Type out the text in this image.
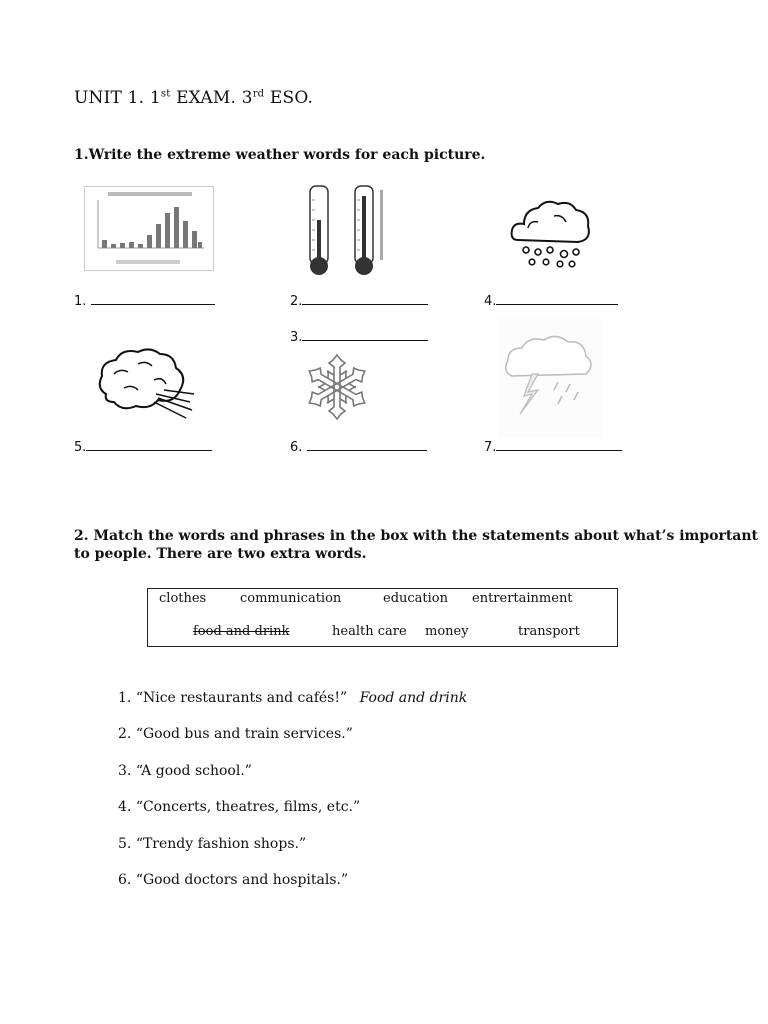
UNIT 1. 1st EXAM. 3rd ESO.
1.Write the extreme weather words for each picture.
1.	2.	4.
3.
5.	6.	7.
2. Match the words and phrases in the box with the statements about what’s important
to people. There are two extra words.
clothes	communication	education entrertainment
food and drink	health care money	transport
1. “Nice restaurants and cafés!” Food and drink
2. “Good bus and train services.”
3. “A good school.”
4. “Concerts, theatres, films, etc.”
5. “Trendy fashion shops.”
6. “Good doctors and hospitals.”
